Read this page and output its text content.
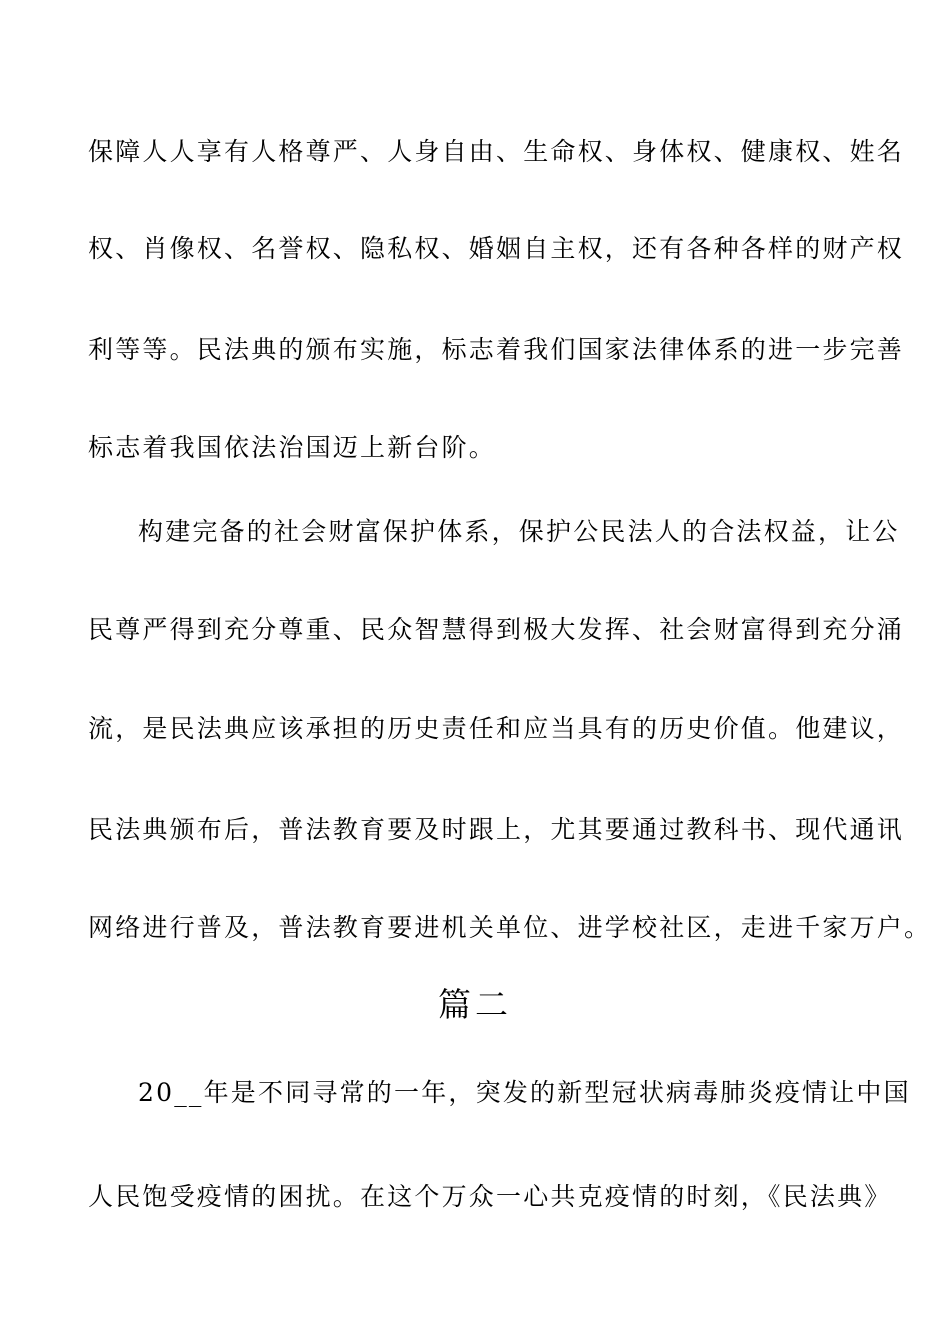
保障人人享有人格尊严、人身自由、生命权、身体权、健康权、姓名
权、肖像权、名誉权、隐私权、婚姻自主权，还有各种各样的财产权
利等等。民法典的颁布实施，标志着我们国家法律体系的进一步完善
标志着我国依法治国迈上新台阶。
构建完备的社会财富保护体系，保护公民法人的合法权益，让公
民尊严得到充分尊重、民众智慧得到极大发挥、社会财富得到充分涌
流，是民法典应该承担的历史责任和应当具有的历史价值。他建议，
民法典颁布后，普法教育要及时跟上，尤其要通过教科书、现代通讯
网络进行普及，普法教育要进机关单位、进学校社区，走进千家万户。
篇二
20__年是不同寻常的一年，突发的新型冠状病毒肺炎疫情让中国
人民饱受疫情的困扰。在这个万众一心共克疫情的时刻，《民法典》
